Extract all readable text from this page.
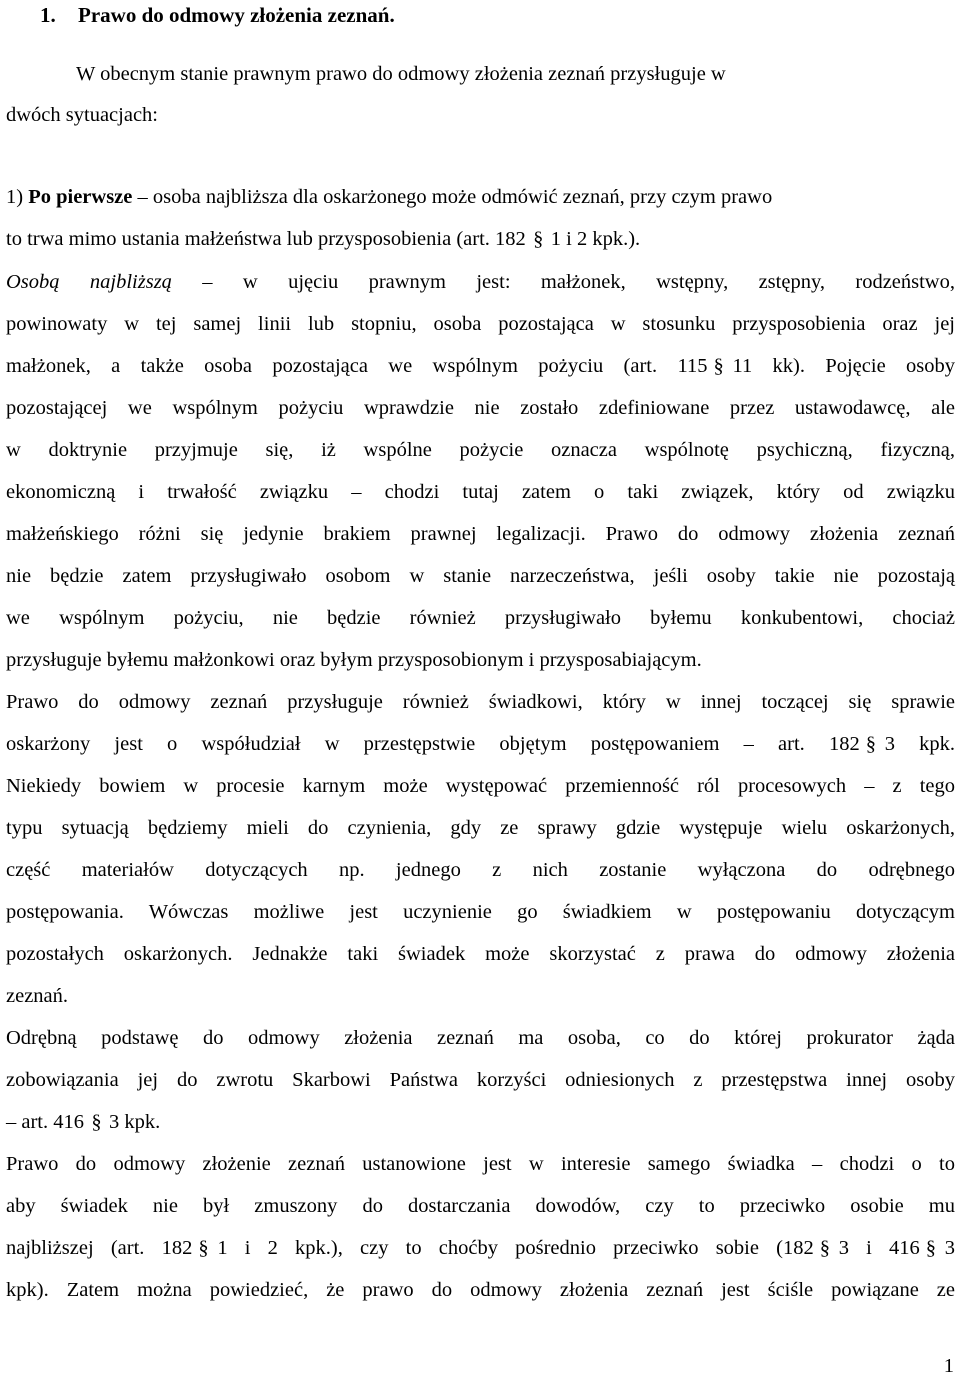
1. Prawo do odmowy złożenia zeznań.
W obecnym stanie prawnym prawo do odmowy złożenia zeznań przysługuje w
dwóch sytuacjach:
1) Po pierwsze – osoba najbliższa dla oskarżonego może odmówić zeznań, przy czym prawo
to trwa mimo ustania małżeństwa lub przysposobienia (art. 182 § 1 i 2 kpk.).
Osobą najbliższą – w ujęciu prawnym jest: małżonek, wstępny, zstępny, rodzeństwo,
powinowaty w tej samej linii lub stopniu, osoba pozostająca w stosunku przysposobienia oraz jej
małżonek, a także osoba pozostająca we wspólnym pożyciu (art. 115 § 11 kk). Pojęcie osoby
pozostającej we wspólnym pożyciu wprawdzie nie zostało zdefiniowane przez ustawodawcę, ale
w doktrynie przyjmuje się, iż wspólne pożycie oznacza wspólnotę psychiczną, fizyczną,
ekonomiczną i trwałość związku – chodzi tutaj zatem o taki związek, który od związku
małżeńskiego różni się jedynie brakiem prawnej legalizacji. Prawo do odmowy złożenia zeznań
nie będzie zatem przysługiwało osobom w stanie narzeczeństwa, jeśli osoby takie nie pozostają
we wspólnym pożyciu, nie będzie również przysługiwało byłemu konkubentowi, chociaż
przysługuje byłemu małżonkowi oraz byłym przysposobionym i przysposabiającym.
Prawo do odmowy zeznań przysługuje również świadkowi, który w innej toczącej się sprawie
oskarżony jest o współudział w przestępstwie objętym postępowaniem – art. 182 § 3 kpk.
Niekiedy bowiem w procesie karnym może występować przemienność ról procesowych – z tego
typu sytuacją będziemy mieli do czynienia, gdy ze sprawy gdzie występuje wielu oskarżonych,
część materiałów dotyczących np. jednego z nich zostanie wyłączona do odrębnego
postępowania. Wówczas możliwe jest uczynienie go świadkiem w postępowaniu dotyczącym
pozostałych oskarżonych. Jednakże taki świadek może skorzystać z prawa do odmowy złożenia
zeznań.
Odrębną podstawę do odmowy złożenia zeznań ma osoba, co do której prokurator żąda
zobowiązania jej do zwrotu Skarbowi Państwa korzyści odniesionych z przestępstwa innej osoby
– art. 416 § 3 kpk.
Prawo do odmowy złożenie zeznań ustanowione jest w interesie samego świadka – chodzi o to
aby świadek nie był zmuszony do dostarczania dowodów, czy to przeciwko osobie mu
najbliższej (art. 182 § 1 i 2 kpk.), czy to choćby pośrednio przeciwko sobie (182 § 3 i 416 § 3
kpk). Zatem można powiedzieć, że prawo do odmowy złożenia zeznań jest ściśle powiązane ze
1
